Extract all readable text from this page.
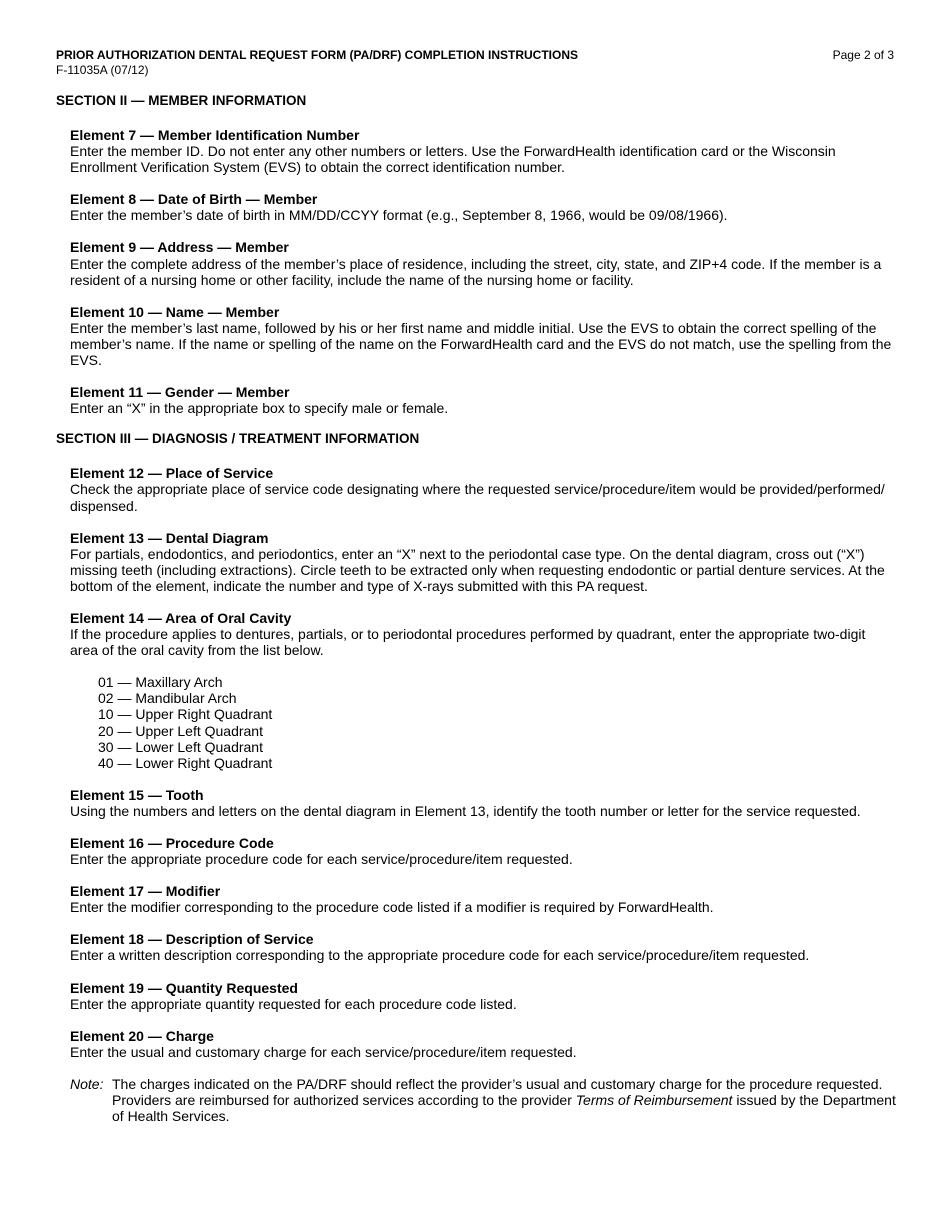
PRIOR AUTHORIZATION DENTAL REQUEST FORM (PA/DRF) COMPLETION INSTRUCTIONS	Page 2 of 3
F-11035A (07/12)
SECTION II — MEMBER INFORMATION
Element 7 — Member Identification Number
Enter the member ID. Do not enter any other numbers or letters. Use the ForwardHealth identification card or the Wisconsin Enrollment Verification System (EVS) to obtain the correct identification number.
Element 8 — Date of Birth — Member
Enter the member’s date of birth in MM/DD/CCYY format (e.g., September 8, 1966, would be 09/08/1966).
Element 9 — Address — Member
Enter the complete address of the member’s place of residence, including the street, city, state, and ZIP+4 code. If the member is a resident of a nursing home or other facility, include the name of the nursing home or facility.
Element 10 — Name — Member
Enter the member’s last name, followed by his or her first name and middle initial. Use the EVS to obtain the correct spelling of the member’s name. If the name or spelling of the name on the ForwardHealth card and the EVS do not match, use the spelling from the EVS.
Element 11 — Gender — Member
Enter an “X” in the appropriate box to specify male or female.
SECTION III — DIAGNOSIS / TREATMENT INFORMATION
Element 12 — Place of Service
Check the appropriate place of service code designating where the requested service/procedure/item would be provided/performed/ dispensed.
Element 13 — Dental Diagram
For partials, endodontics, and periodontics, enter an “X” next to the periodontal case type. On the dental diagram, cross out (“X”) missing teeth (including extractions). Circle teeth to be extracted only when requesting endodontic or partial denture services. At the bottom of the element, indicate the number and type of X-rays submitted with this PA request.
Element 14 — Area of Oral Cavity
If the procedure applies to dentures, partials, or to periodontal procedures performed by quadrant, enter the appropriate two-digit area of the oral cavity from the list below.
01 — Maxillary Arch
02 — Mandibular Arch
10 — Upper Right Quadrant
20 — Upper Left Quadrant
30 — Lower Left Quadrant
40 — Lower Right Quadrant
Element 15 — Tooth
Using the numbers and letters on the dental diagram in Element 13, identify the tooth number or letter for the service requested.
Element 16 — Procedure Code
Enter the appropriate procedure code for each service/procedure/item requested.
Element 17 — Modifier
Enter the modifier corresponding to the procedure code listed if a modifier is required by ForwardHealth.
Element 18 — Description of Service
Enter a written description corresponding to the appropriate procedure code for each service/procedure/item requested.
Element 19 — Quantity Requested
Enter the appropriate quantity requested for each procedure code listed.
Element 20 — Charge
Enter the usual and customary charge for each service/procedure/item requested.
Note: The charges indicated on the PA/DRF should reflect the provider’s usual and customary charge for the procedure requested. Providers are reimbursed for authorized services according to the provider Terms of Reimbursement issued by the Department of Health Services.
